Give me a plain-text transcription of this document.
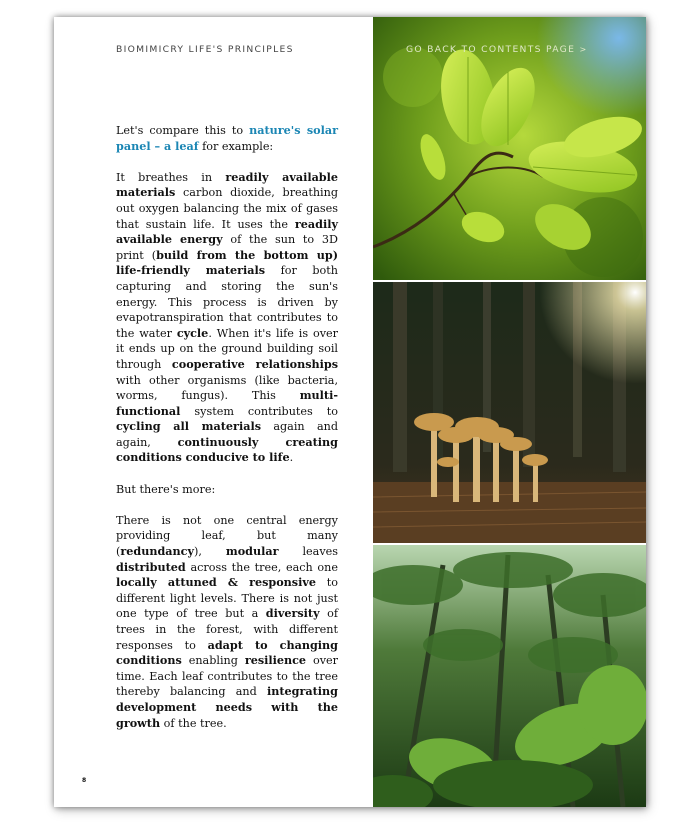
BIOMIMICRY LIFE'S PRINCIPLES

Let's compare this to nature's solar panel – a leaf for example:

It breathes in readily available materials carbon dioxide, breathing out oxygen balancing the mix of gases that sustain life. It uses the readily available energy of the sun to 3D print (build from the bottom up) life-friendly materials for both capturing and storing the sun's energy. This process is driven by evapotranspiration that contributes to the water cycle. When it's life is over it ends up on the ground building soil through cooperative relationships with other organisms (like bacteria, worms, fungus). This multi-functional system contributes to cycling all materials again and again, continuously creating conditions conducive to life.

But there's more:

There is not one central energy providing leaf, but many (redundancy), modular leaves distributed across the tree, each one locally attuned & responsive to different light levels. There is not just one type of tree but a diversity of trees in the forest, with different responses to adapt to changing conditions enabling resilience over time. Each leaf contributes to the tree thereby balancing and integrating development needs with the growth of the tree.

8
GO BACK TO CONTENTS PAGE >
